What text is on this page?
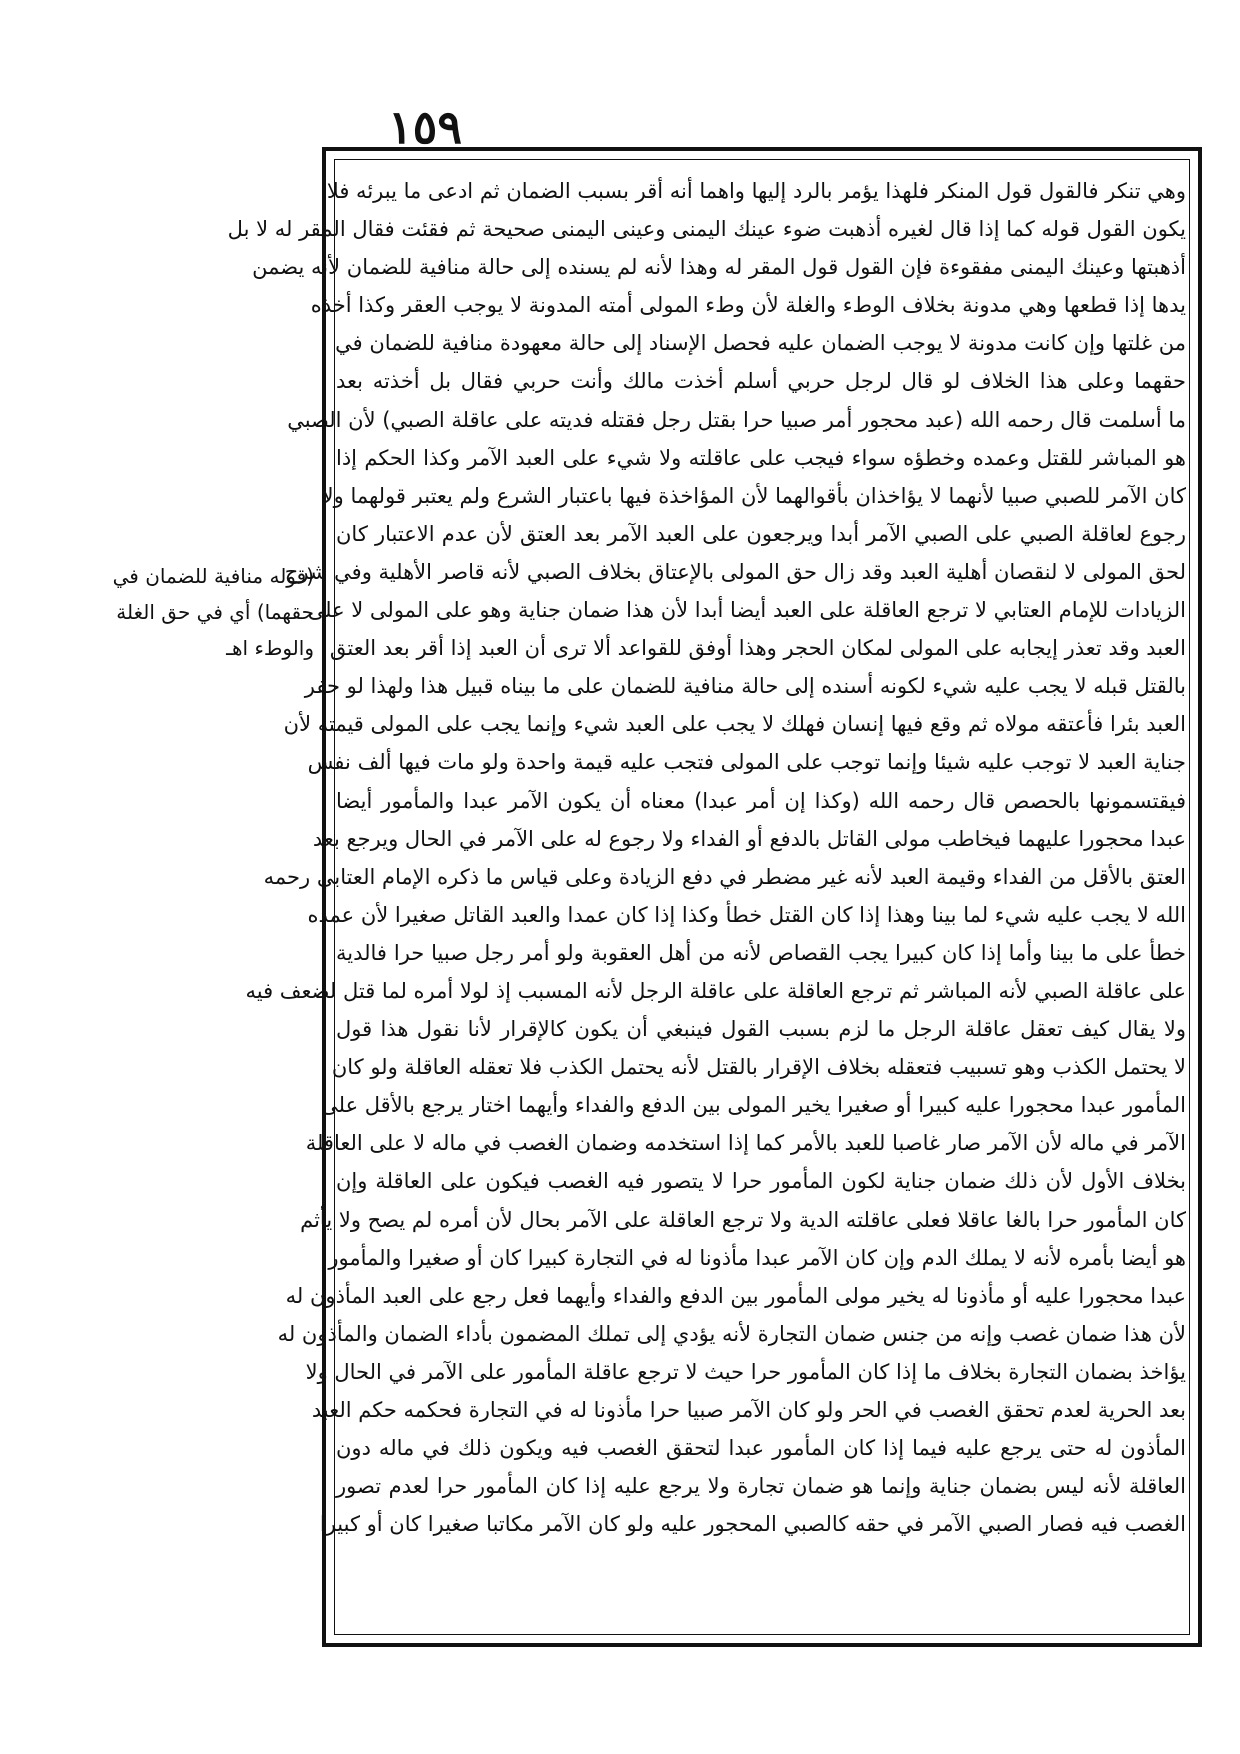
١٥٩
وهي تنكر فالقول قول المنكر فلهذا يؤمر بالرد إليها واهما أنه أقر بسبب الضمان ثم ادعى ما يبرئه فلا
يكون القول قوله كما إذا قال لغيره أذهبت ضوء عينك اليمنى وعينى اليمنى صحيحة ثم فقئت فقال المقر له لا بل
أذهبتها وعينك اليمنى مفقوءة فإن القول قول المقر له وهذا لأنه لم يسنده إلى حالة منافية للضمان لأنه يضمن
يدها إذا قطعها وهي مدونة بخلاف الوطء والغلة لأن وطء المولى أمته المدونة لا يوجب العقر وكذا أخذه
من غلتها وإن كانت مدونة لا يوجب الضمان عليه فحصل الإسناد إلى حالة معهودة منافية للضمان في
حقهما وعلى هذا الخلاف لو قال لرجل حربي أسلم أخذت مالك وأنت حربي فقال بل أخذته بعد
ما أسلمت قال رحمه الله (عبد محجور أمر صبيا حرا بقتل رجل فقتله فديته على عاقلة الصبي) لأن الصبي
هو المباشر للقتل وعمده وخطؤه سواء فيجب على عاقلته ولا شيء على العبد الآمر وكذا الحكم إذا
كان الآمر للصبي صبيا لأنهما لا يؤاخذان بأقوالهما لأن المؤاخذة فيها باعتبار الشرع ولم يعتبر قولهما ولا
رجوع لعاقلة الصبي على الصبي الآمر أبدا ويرجعون على العبد الآمر بعد العتق لأن عدم الاعتبار كان
لحق المولى لا لنقصان أهلية العبد وقد زال حق المولى بالإعتاق بخلاف الصبي لأنه قاصر الأهلية وفي شرح
الزيادات للإمام العتابي لا ترجع العاقلة على العبد أيضا أبدا لأن هذا ضمان جناية وهو على المولى لا على
العبد وقد تعذر إيجابه على المولى لمكان الحجر وهذا أوفق للقواعد ألا ترى أن العبد إذا أقر بعد العتق
بالقتل قبله لا يجب عليه شيء لكونه أسنده إلى حالة منافية للضمان على ما بيناه قبيل هذا ولهذا لو حفر
العبد بئرا فأعتقه مولاه ثم وقع فيها إنسان فهلك لا يجب على العبد شيء وإنما يجب على المولى قيمته لأن
جناية العبد لا توجب عليه شيئا وإنما توجب على المولى فتجب عليه قيمة واحدة ولو مات فيها ألف نفس
فيقتسمونها بالحصص قال رحمه الله (وكذا إن أمر عبدا) معناه أن يكون الآمر عبدا والمأمور أيضا
عبدا محجورا عليهما فيخاطب مولى القاتل بالدفع أو الفداء ولا رجوع له على الآمر في الحال ويرجع بعد
العتق بالأقل من الفداء وقيمة العبد لأنه غير مضطر في دفع الزيادة وعلى قياس ما ذكره الإمام العتابي رحمه
الله لا يجب عليه شيء لما بينا وهذا إذا كان القتل خطأ وكذا إذا كان عمدا والعبد القاتل صغيرا لأن عمده
خطأ على ما بينا وأما إذا كان كبيرا يجب القصاص لأنه من أهل العقوبة ولو أمر رجل صبيا حرا فالدية
على عاقلة الصبي لأنه المباشر ثم ترجع العاقلة على عاقلة الرجل لأنه المسبب إذ لولا أمره لما قتل لضعف فيه
ولا يقال كيف تعقل عاقلة الرجل ما لزم بسبب القول فينبغي أن يكون كالإقرار لأنا نقول هذا قول
لا يحتمل الكذب وهو تسبيب فتعقله بخلاف الإقرار بالقتل لأنه يحتمل الكذب فلا تعقله العاقلة ولو كان
المأمور عبدا محجورا عليه كبيرا أو صغيرا يخير المولى بين الدفع والفداء وأيهما اختار يرجع بالأقل على
الآمر في ماله لأن الآمر صار غاصبا للعبد بالأمر كما إذا استخدمه وضمان الغصب في ماله لا على العاقلة
بخلاف الأول لأن ذلك ضمان جناية لكون المأمور حرا لا يتصور فيه الغصب فيكون على العاقلة وإن
كان المأمور حرا بالغا عاقلا فعلى عاقلته الدية ولا ترجع العاقلة على الآمر بحال لأن أمره لم يصح ولا يأثم
هو أيضا بأمره لأنه لا يملك الدم وإن كان الآمر عبدا مأذونا له في التجارة كبيرا كان أو صغيرا والمأمور
عبدا محجورا عليه أو مأذونا له يخير مولى المأمور بين الدفع والفداء وأيهما فعل رجع على العبد المأذون له
لأن هذا ضمان غصب وإنه من جنس ضمان التجارة لأنه يؤدي إلى تملك المضمون بأداء الضمان والمأذون له
يؤاخذ بضمان التجارة بخلاف ما إذا كان المأمور حرا حيث لا ترجع عاقلة المأمور على الآمر في الحال ولا
بعد الحرية لعدم تحقق الغصب في الحر ولو كان الآمر صبيا حرا مأذونا له في التجارة فحكمه حكم العبد
المأذون له حتى يرجع عليه فيما إذا كان المأمور عبدا لتحقق الغصب فيه ويكون ذلك في ماله دون
العاقلة لأنه ليس بضمان جناية وإنما هو ضمان تجارة ولا يرجع عليه إذا كان المأمور حرا لعدم تصور
الغصب فيه فصار الصبي الآمر في حقه كالصبي المحجور عليه ولو كان الآمر مكاتبا صغيرا كان أو كبيرا
(قوله منافية للضمان في
حقهما) أي في حق الغلة
والوطء اهـ
